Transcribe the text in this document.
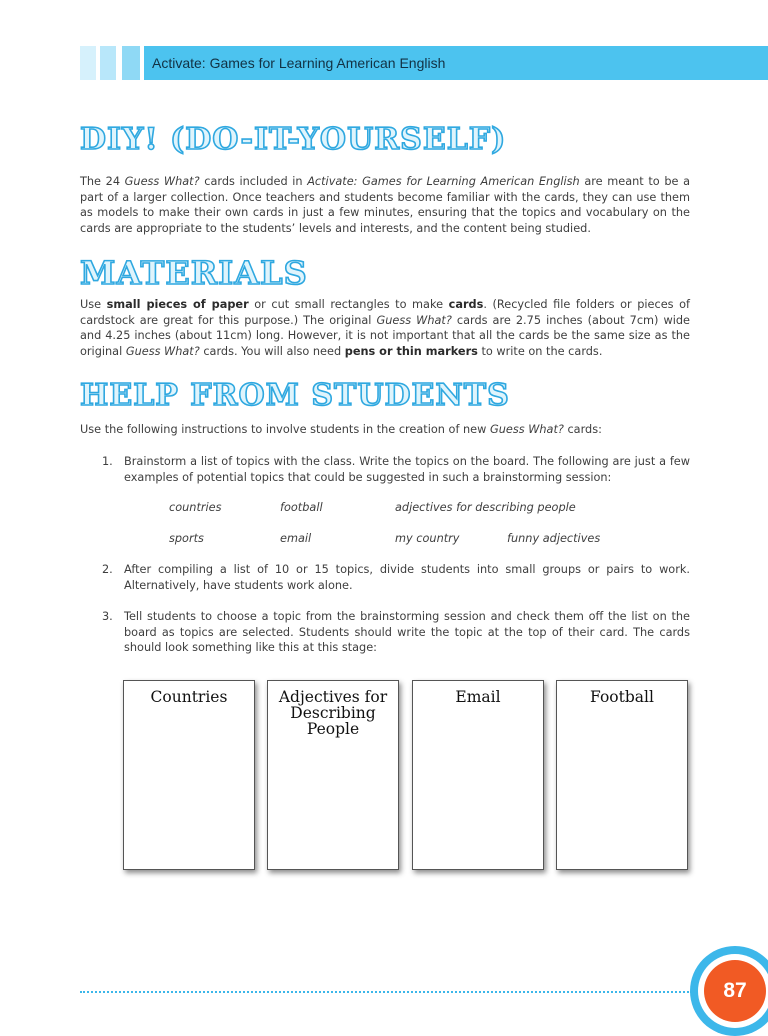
Activate: Games for Learning American English
DIY! (DO-IT-YOURSELF)

The 24 Guess What? cards included in Activate: Games for Learning American English are meant to be a part of a larger collection. Once teachers and students become familiar with the cards, they can use them as models to make their own cards in just a few minutes, ensuring that the topics and vocabulary on the cards are appropriate to the students’ levels and interests, and the content being studied.

MATERIALS

Use small pieces of paper or cut small rectangles to make cards. (Recycled file folders or pieces of cardstock are great for this purpose.) The original Guess What? cards are 2.75 inches (about 7cm) wide and 4.25 inches (about 11cm) long. However, it is not important that all the cards be the same size as the original Guess What? cards. You will also need pens or thin markers to write on the cards.

HELP FROM STUDENTS

Use the following instructions to involve students in the creation of new Guess What? cards:

1. Brainstorm a list of topics with the class. Write the topics on the board. The following are just a few examples of potential topics that could be suggested in such a brainstorming session:
2. After compiling a list of 10 or 15 topics, divide students into small groups or pairs to work. Alternatively, have students work alone.
3. Tell students to choose a topic from the brainstorming session and check them off the list on the board as topics are selected. Students should write the topic at the top of their card. The cards should look something like this at this stage:
countries	football	adjectives for describing people
sports	email	my country	funny adjectives
Countries	Adjectives for Describing People
Email	Football
87
